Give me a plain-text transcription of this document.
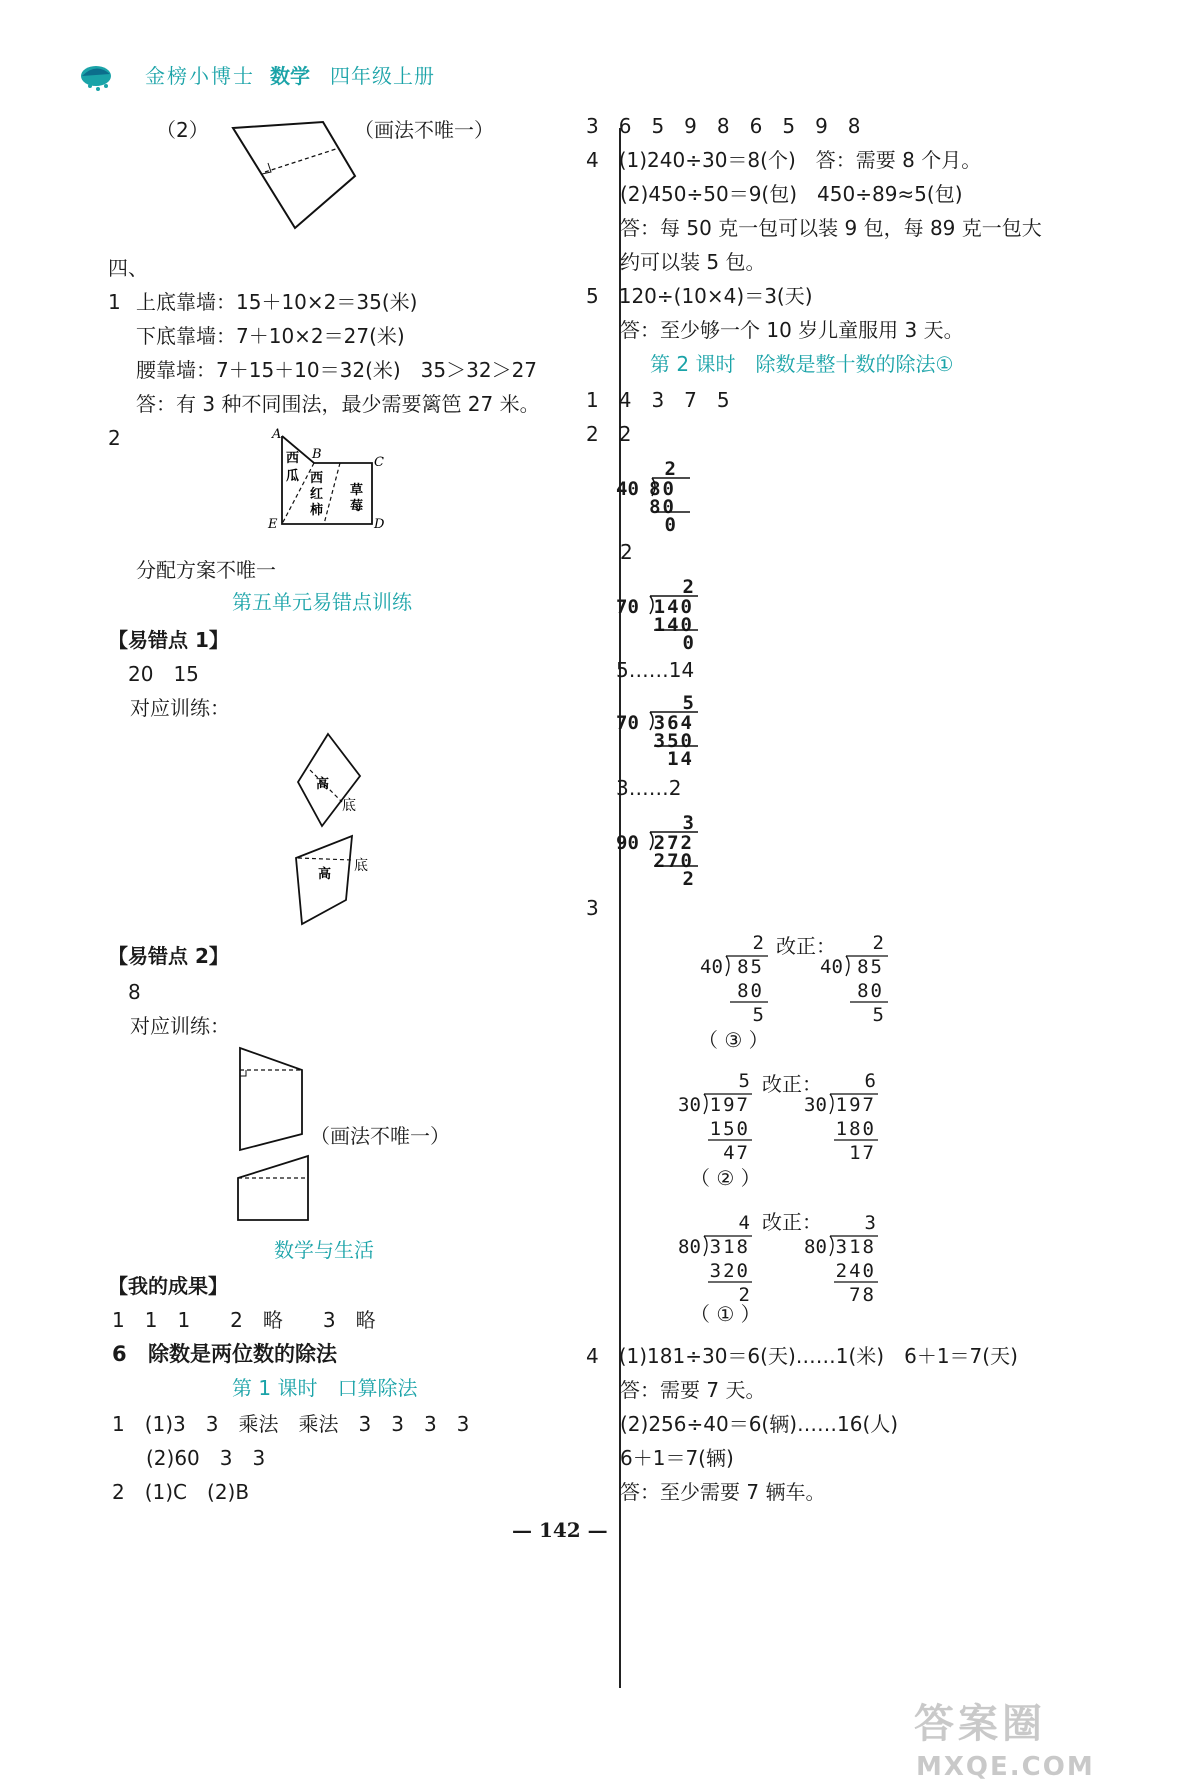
金榜小博士 数学 四年级上册
（2）	（画法不唯一）
四、
1 上底靠墙：15＋10×2＝35(米)
下底靠墙：7＋10×2＝27(米)
腰靠墙：7＋15＋10＝32(米)　35＞32＞27
答：有 3 种不同围法，最少需要篱笆 27 米。
2	A
B
C
D
E
西
瓜 西
红
柿
草
莓
分配方案不唯一
第五单元易错点训练
【易错点 1】
20　15
对应训练：
高
底
高
底
【易错点 2】
8
对应训练：
（画法不唯一）
数学与生活
【我的成果】
1　1　1　　2　略　　3　略
6 除数是两位数的除法
第 1 课时　口算除法
1　(1)3　3　乘法　乘法　3　3　3　3
(2)60　3　3
2　(1)C　(2)B
3　6　5　9　8　6　5　9　8
4　(1)240÷30＝8(个)　答：需要 8 个月。
(2)450÷50＝9(包)　450÷89≈5(包)
答：每 50 克一包可以装 9 包，每 89 克一包大
约可以装 5 包。
5　120÷(10×4)＝3(天)
答：至少够一个 10 岁儿童服用 3 天。
第 2 课时　除数是整十数的除法①
1　4　3　7　5
2　2
2
40 80
80
0
2
2
70 140
140
0
5……14
5
70 364
350
14
3……2
3
90 272
270
2
3
2
40 85
80
5
改正： 2
40 85
80
5
（ ③ ）
5
30 197
150
47
改正： 6
30 197
180
17
（ ② ）
4
80 318
320
2
改正： 3
80 318
240
78
（ ① ）
4　(1)181÷30＝6(天)……1(米)　6＋1＝7(天)
答：需要 7 天。
(2)256÷40＝6(辆)……16(人)
6＋1＝7(辆)
答：至少需要 7 辆车。
— 142 —
答案圈
MXQE.COM
